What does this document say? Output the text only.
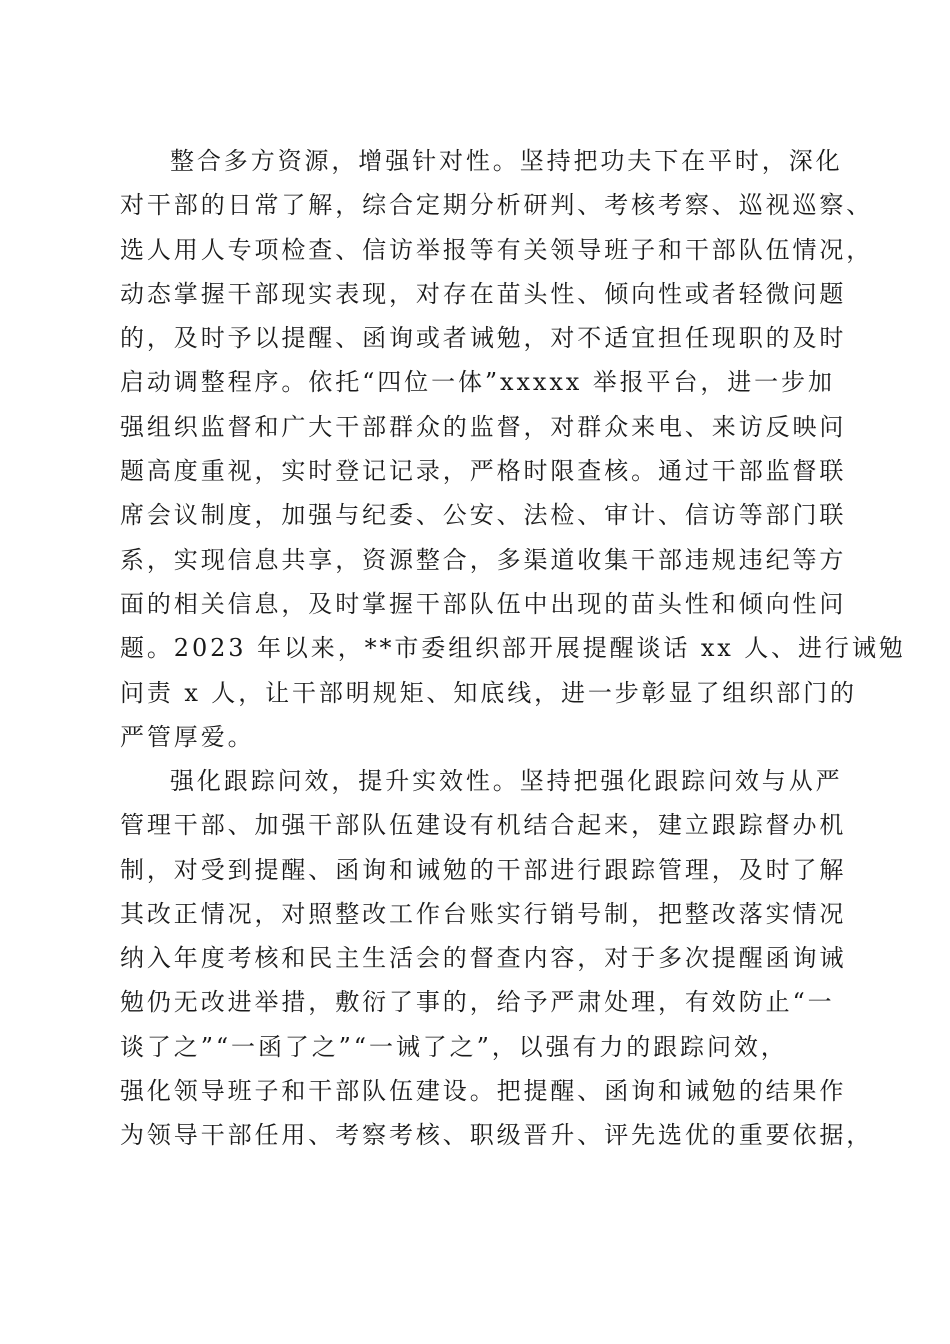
整合多方资源，增强针对性。坚持把功夫下在平时，深化
对干部的日常了解，综合定期分析研判、考核考察、巡视巡察、
选人用人专项检查、信访举报等有关领导班子和干部队伍情况，
动态掌握干部现实表现，对存在苗头性、倾向性或者轻微问题
的，及时予以提醒、函询或者诫勉，对不适宜担任现职的及时
启动调整程序。依托“四位一体”xxxxx 举报平台，进一步加
强组织监督和广大干部群众的监督，对群众来电、来访反映问
题高度重视，实时登记记录，严格时限查核。通过干部监督联
席会议制度，加强与纪委、公安、法检、审计、信访等部门联
系，实现信息共享，资源整合，多渠道收集干部违规违纪等方
面的相关信息，及时掌握干部队伍中出现的苗头性和倾向性问
题。2023 年以来，**市委组织部开展提醒谈话 xx 人、进行诫勉
问责 x 人，让干部明规矩、知底线，进一步彰显了组织部门的
严管厚爱。
强化跟踪问效，提升实效性。坚持把强化跟踪问效与从严
管理干部、加强干部队伍建设有机结合起来，建立跟踪督办机
制，对受到提醒、函询和诫勉的干部进行跟踪管理，及时了解
其改正情况，对照整改工作台账实行销号制，把整改落实情况
纳入年度考核和民主生活会的督查内容，对于多次提醒函询诫
勉仍无改进举措，敷衍了事的，给予严肃处理，有效防止“一
谈了之”“一函了之”“一诫了之”，以强有力的跟踪问效，
强化领导班子和干部队伍建设。把提醒、函询和诫勉的结果作
为领导干部任用、考察考核、职级晋升、评先选优的重要依据，
